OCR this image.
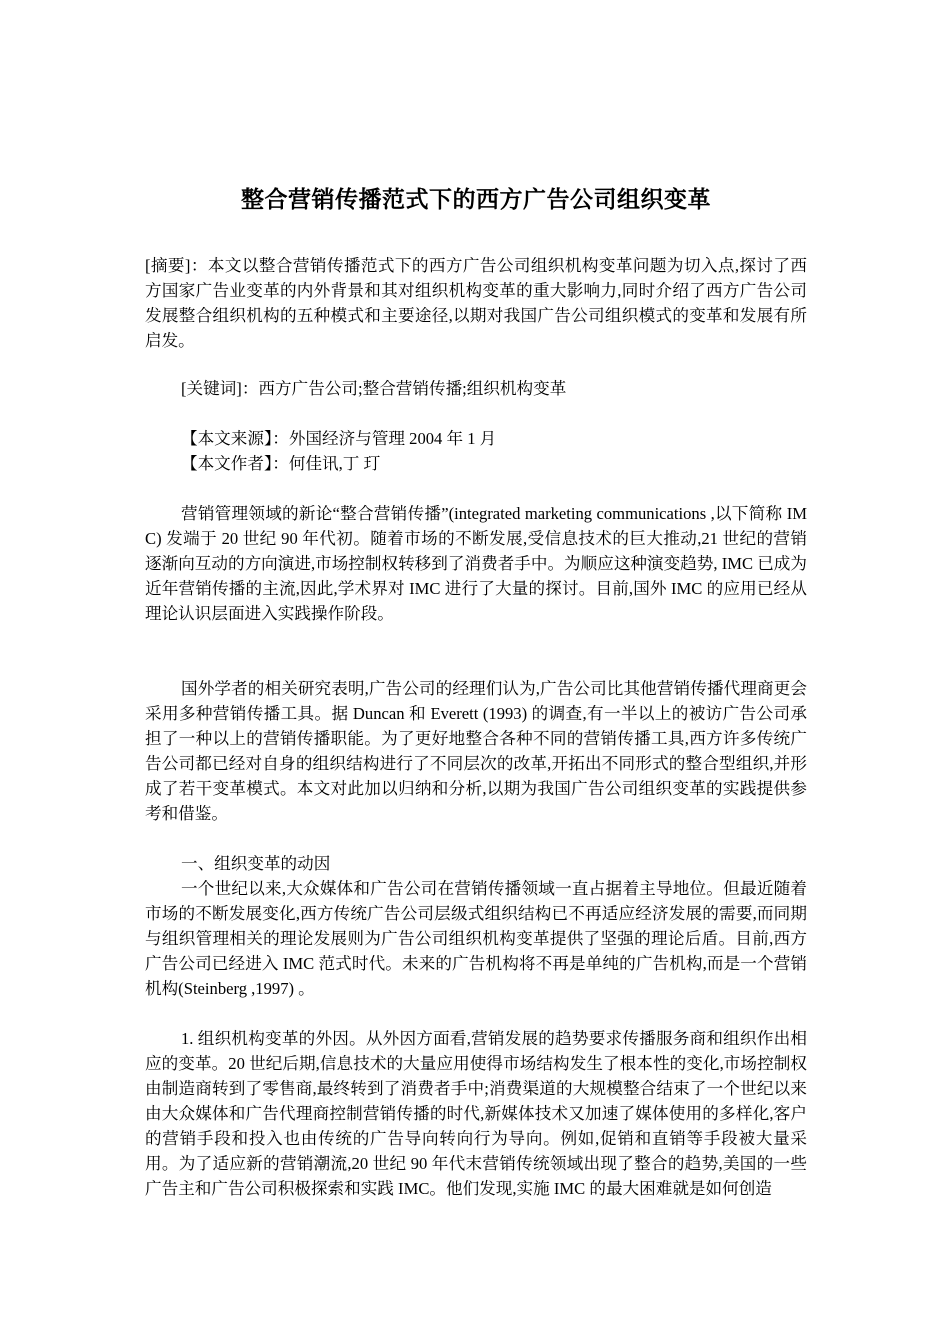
整合营销传播范式下的西方广告公司组织变革

[摘要]：本文以整合营销传播范式下的西方广告公司组织机构变革问题为切入点,探讨了西方国家广告业变革的内外背景和其对组织机构变革的重大影响力,同时介绍了西方广告公司发展整合组织机构的五种模式和主要途径,以期对我国广告公司组织模式的变革和发展有所启发。

[关键词]：西方广告公司;整合营销传播;组织机构变革

【本文来源】：外国经济与管理 2004 年 1 月

【本文作者】：何佳讯,丁 玎

营销管理领域的新论“整合营销传播”(integrated marketing communications ,以下简称 IMC) 发端于 20 世纪 90 年代初。随着市场的不断发展,受信息技术的巨大推动,21 世纪的营销逐渐向互动的方向演进,市场控制权转移到了消费者手中。为顺应这种演变趋势, IMC 已成为近年营销传播的主流,因此,学术界对 IMC 进行了大量的探讨。目前,国外 IMC 的应用已经从理论认识层面进入实践操作阶段。

国外学者的相关研究表明,广告公司的经理们认为,广告公司比其他营销传播代理商更会采用多种营销传播工具。据 Duncan 和 Everett (1993) 的调查,有一半以上的被访广告公司承担了一种以上的营销传播职能。为了更好地整合各种不同的营销传播工具,西方许多传统广告公司都已经对自身的组织结构进行了不同层次的改革,开拓出不同形式的整合型组织,并形成了若干变革模式。本文对此加以归纳和分析,以期为我国广告公司组织变革的实践提供参考和借鉴。

一、组织变革的动因

一个世纪以来,大众媒体和广告公司在营销传播领域一直占据着主导地位。但最近随着市场的不断发展变化,西方传统广告公司层级式组织结构已不再适应经济发展的需要,而同期与组织管理相关的理论发展则为广告公司组织机构变革提供了坚强的理论后盾。目前,西方广告公司已经进入 IMC 范式时代。未来的广告机构将不再是单纯的广告机构,而是一个营销机构(Steinberg ,1997) 。

1. 组织机构变革的外因。从外因方面看,营销发展的趋势要求传播服务商和组织作出相应的变革。20 世纪后期,信息技术的大量应用使得市场结构发生了根本性的变化,市场控制权由制造商转到了零售商,最终转到了消费者手中;消费渠道的大规模整合结束了一个世纪以来由大众媒体和广告代理商控制营销传播的时代,新媒体技术又加速了媒体使用的多样化,客户的营销手段和投入也由传统的广告导向转向行为导向。例如,促销和直销等手段被大量采用。为了适应新的营销潮流,20 世纪 90 年代末营销传统领域出现了整合的趋势,美国的一些广告主和广告公司积极探索和实践 IMC。他们发现,实施 IMC 的最大困难就是如何创造
